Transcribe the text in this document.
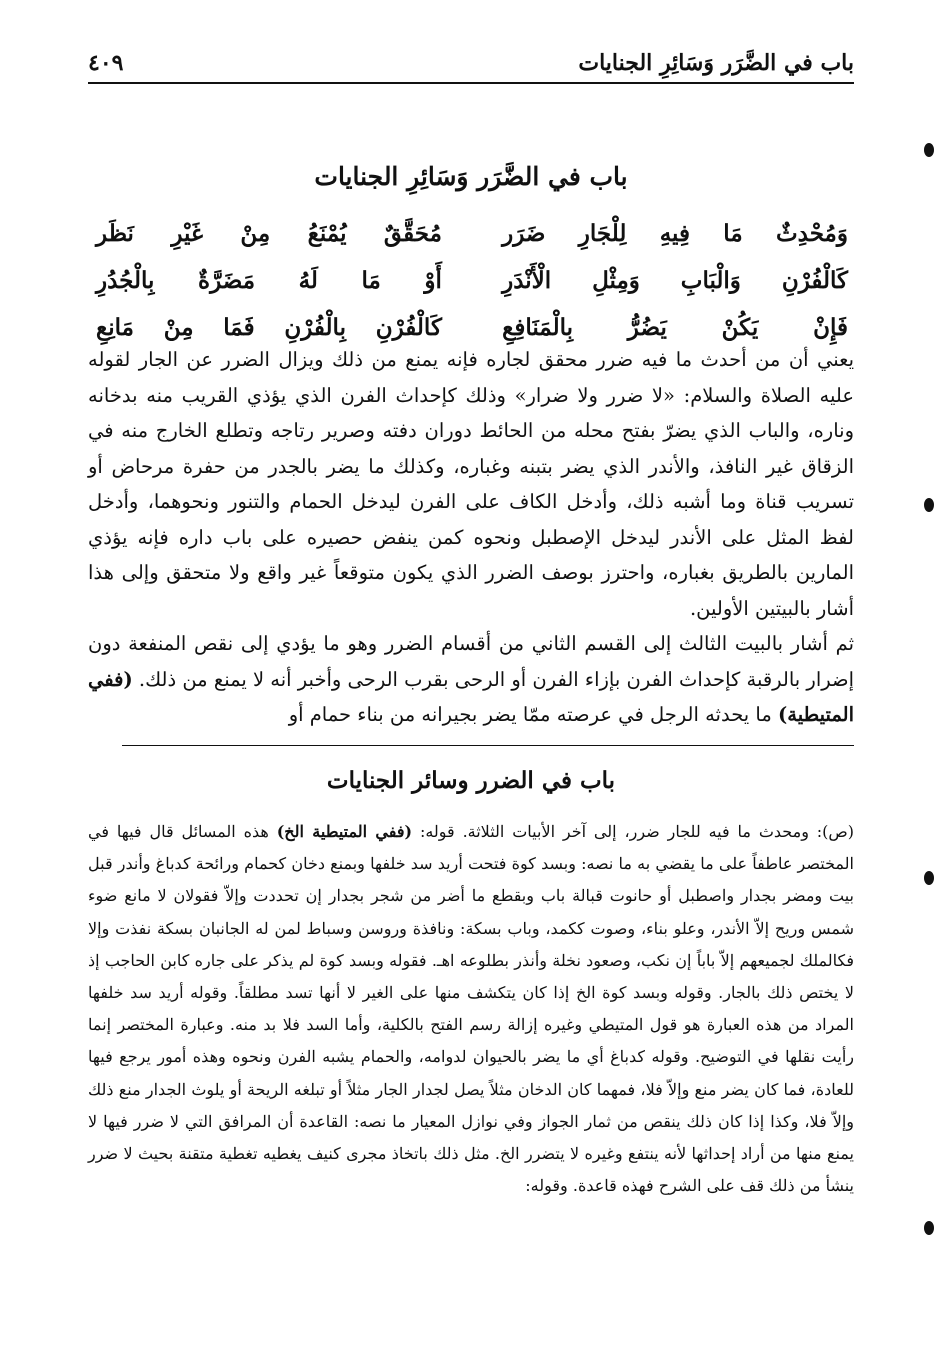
باب في الضَّرَر وَسَائِرِ الجنايات
٤٠٩
باب في الضَّرَر وَسَائِرِ الجنايات
وَمُحْدِثٌ مَا فِيهِ لِلْجَارِ ضَرَر
مُحَقَّقٌ يُمْنَعُ مِنْ غَيْرِ نَظَر
كَالْفُرْنِ وَالْبَابِ وَمِثْلِ الْأَنْدَرِ
أَوْ مَا لَهُ مَضَرَّةٌ بِالْجُدُرِ
فَإِنْ يَكُنْ يَضُرُّ بِالْمَنَافِعِ
كَالْفُرْنِ بِالْفُرْنِ فَمَا مِنْ مَانِعِ

يعني أن من أحدث ما فيه ضرر محقق لجاره فإنه يمنع من ذلك ويزال الضرر عن الجار لقوله عليه الصلاة والسلام: «لا ضرر ولا ضرار» وذلك كإحداث الفرن الذي يؤذي القريب منه بدخانه وناره، والباب الذي يضرّ بفتح محله من الحائط دوران دفته وصرير رتاجه وتطلع الخارج منه في الزقاق غير النافذ، والأندر الذي يضر بتبنه وغباره، وكذلك ما يضر بالجدر من حفرة مرحاض أو تسريب قناة وما أشبه ذلك، وأدخل الكاف على الفرن ليدخل الحمام والتنور ونحوهما، وأدخل لفظ المثل على الأندر ليدخل الإصطبل ونحوه كمن ينفض حصيره على باب داره فإنه يؤذي المارين بالطريق بغباره، واحترز بوصف الضرر الذي يكون متوقعاً غير واقع ولا متحقق وإلى هذا أشار بالبيتين الأولين.

ثم أشار بالبيت الثالث إلى القسم الثاني من أقسام الضرر وهو ما يؤدي إلى نقص المنفعة دون إضرار بالرقبة كإحداث الفرن بإزاء الفرن أو الرحى بقرب الرحى وأخبر أنه لا يمنع من ذلك. (ففي المتيطية) ما يحدثه الرجل في عرصته ممّا يضر بجيرانه من بناء حمام أو

باب في الضرر وسائر الجنايات

(ص): ومحدث ما فيه للجار ضرر، إلى آخر الأبيات الثلاثة. قوله: (ففي المتيطية الخ) هذه المسائل قال فيها في المختصر عاطفاً على ما يقضي به ما نصه: وبسد كوة فتحت أريد سد خلفها وبمنع دخان كحمام ورائحة كدباغ وأندر قبل بيت ومضر بجدار واصطبل أو حانوت قبالة باب وبقطع ما أضر من شجر بجدار إن تحددت وإلاّ فقولان لا مانع ضوء شمس وريح إلاّ الأندر، وعلو بناء، وصوت ككمد، وباب بسكة: ونافذة وروسن وسباط لمن له الجانبان بسكة نفذت وإلا فكالملك لجميعهم إلاّ باباً إن نكب، وصعود نخلة وأنذر بطلوعه اهـ. فقوله وبسد كوة لم يذكر على جاره كابن الحاجب إذ لا يختص ذلك بالجار. وقوله وبسد كوة الخ إذا كان يتكشف منها على الغير لا أنها تسد مطلقاً. وقوله أريد سد خلفها المراد من هذه العبارة هو قول المتيطي وغيره إزالة رسم الفتح بالكلية، وأما السد فلا بد منه. وعبارة المختصر إنما رأيت نقلها في التوضيح. وقوله كدباغ أي ما يضر بالحيوان لدوامه، والحمام يشبه الفرن ونحوه وهذه أمور يرجع فيها للعادة، فما كان يضر منع وإلاّ فلا، فمهما كان الدخان مثلاً يصل لجدار الجار مثلاً أو تبلغه الريحة أو يلوث الجدار منع ذلك وإلاّ فلا، وكذا إذا كان ذلك ينقص من ثمار الجواز وفي نوازل المعيار ما نصه: القاعدة أن المرافق التي لا ضرر فيها لا يمنع منها من أراد إحداثها لأنه ينتفع وغيره لا يتضرر الخ. مثل ذلك باتخاذ مجرى كنيف يغطيه تغطية متقنة بحيث لا ضرر ينشأ من ذلك قف على الشرح فهذه قاعدة. وقوله:
